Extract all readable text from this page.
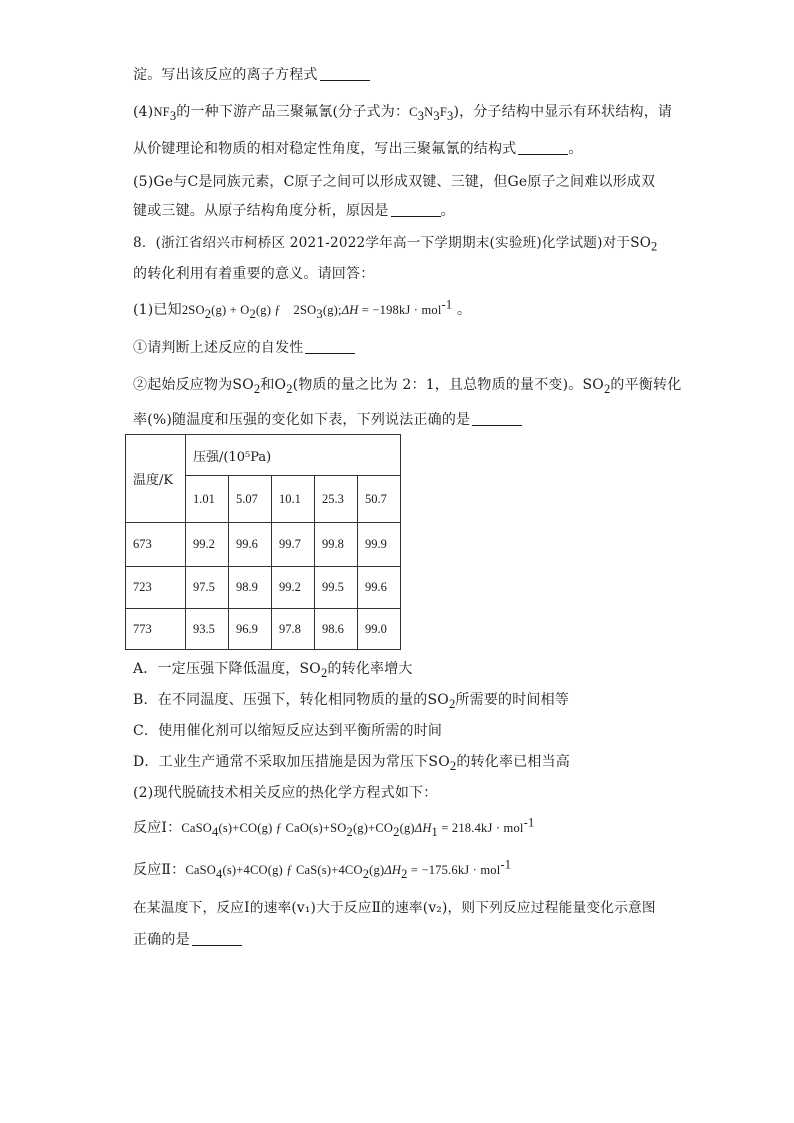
淀。写出该反应的离子方程式
$(4)NF_3$的一种下游产品三聚氟氰(分子式为：$C_3N_3F_3$)，分子结构中显示有环状结构，请
从价键理论和物质的相对稳定性角度，写出三聚氟氰的结构式	。
(5)Ge与C是同族元素，C原子之间可以形成双键、三键，但Ge原子之间难以形成双
键或三键。从原子结构角度分析，原因是	。
8．(浙江省绍兴市柯桥区 2021-2022学年高一下学期期末(实验班)化学试题)对于$SO_2$
的转化利用有着重要的意义。请回答：
(1)已知$2SO_2(g) + O_2(g)$ ƒ　$2SO_3(g);\Delta H = -198kJ \cdot mol^{-1}$ 。
①请判断上述反应的自发性
②起始反应物为$SO_2$和$O_2$(物质的量之比为 2：1，且总物质的量不变)。$SO_2$的平衡转化
率(%)随温度和压强的变化如下表，下列说法正确的是
温度/K	压强/(10⁵Pa)				
	1.01	5.07	10.1	25.3	50.7
673	99.2	99.6	99.7	99.8	99.9
723	97.5	98.9	99.2	99.5	99.6
773	93.5	96.9	97.8	98.6	99.0
A．一定压强下降低温度，$SO_2$的转化率增大
B．在不同温度、压强下，转化相同物质的量的$SO_2$所需要的时间相等
C．使用催化剂可以缩短反应达到平衡所需的时间
D．工业生产通常不采取加压措施是因为常压下$SO_2$的转化率已相当高
(2)现代脱硫技术相关反应的热化学方程式如下：
反应Ⅰ：CaSO$_4$(s)+CO(g) ƒ $CaO(s)+SO_2(g)+CO_2(g)\Delta H_1 = 218.4kJ \cdot mol^{-1}$
反应Ⅱ：CaSO$_4$(s)+4CO(g) ƒ $CaS(s)+4CO_2(g)\Delta H_2 = -175.6kJ \cdot mol^{-1}$
在某温度下，反应Ⅰ的速率(v₁)大于反应Ⅱ的速率(v₂)，则下列反应过程能量变化示意图
正确的是
